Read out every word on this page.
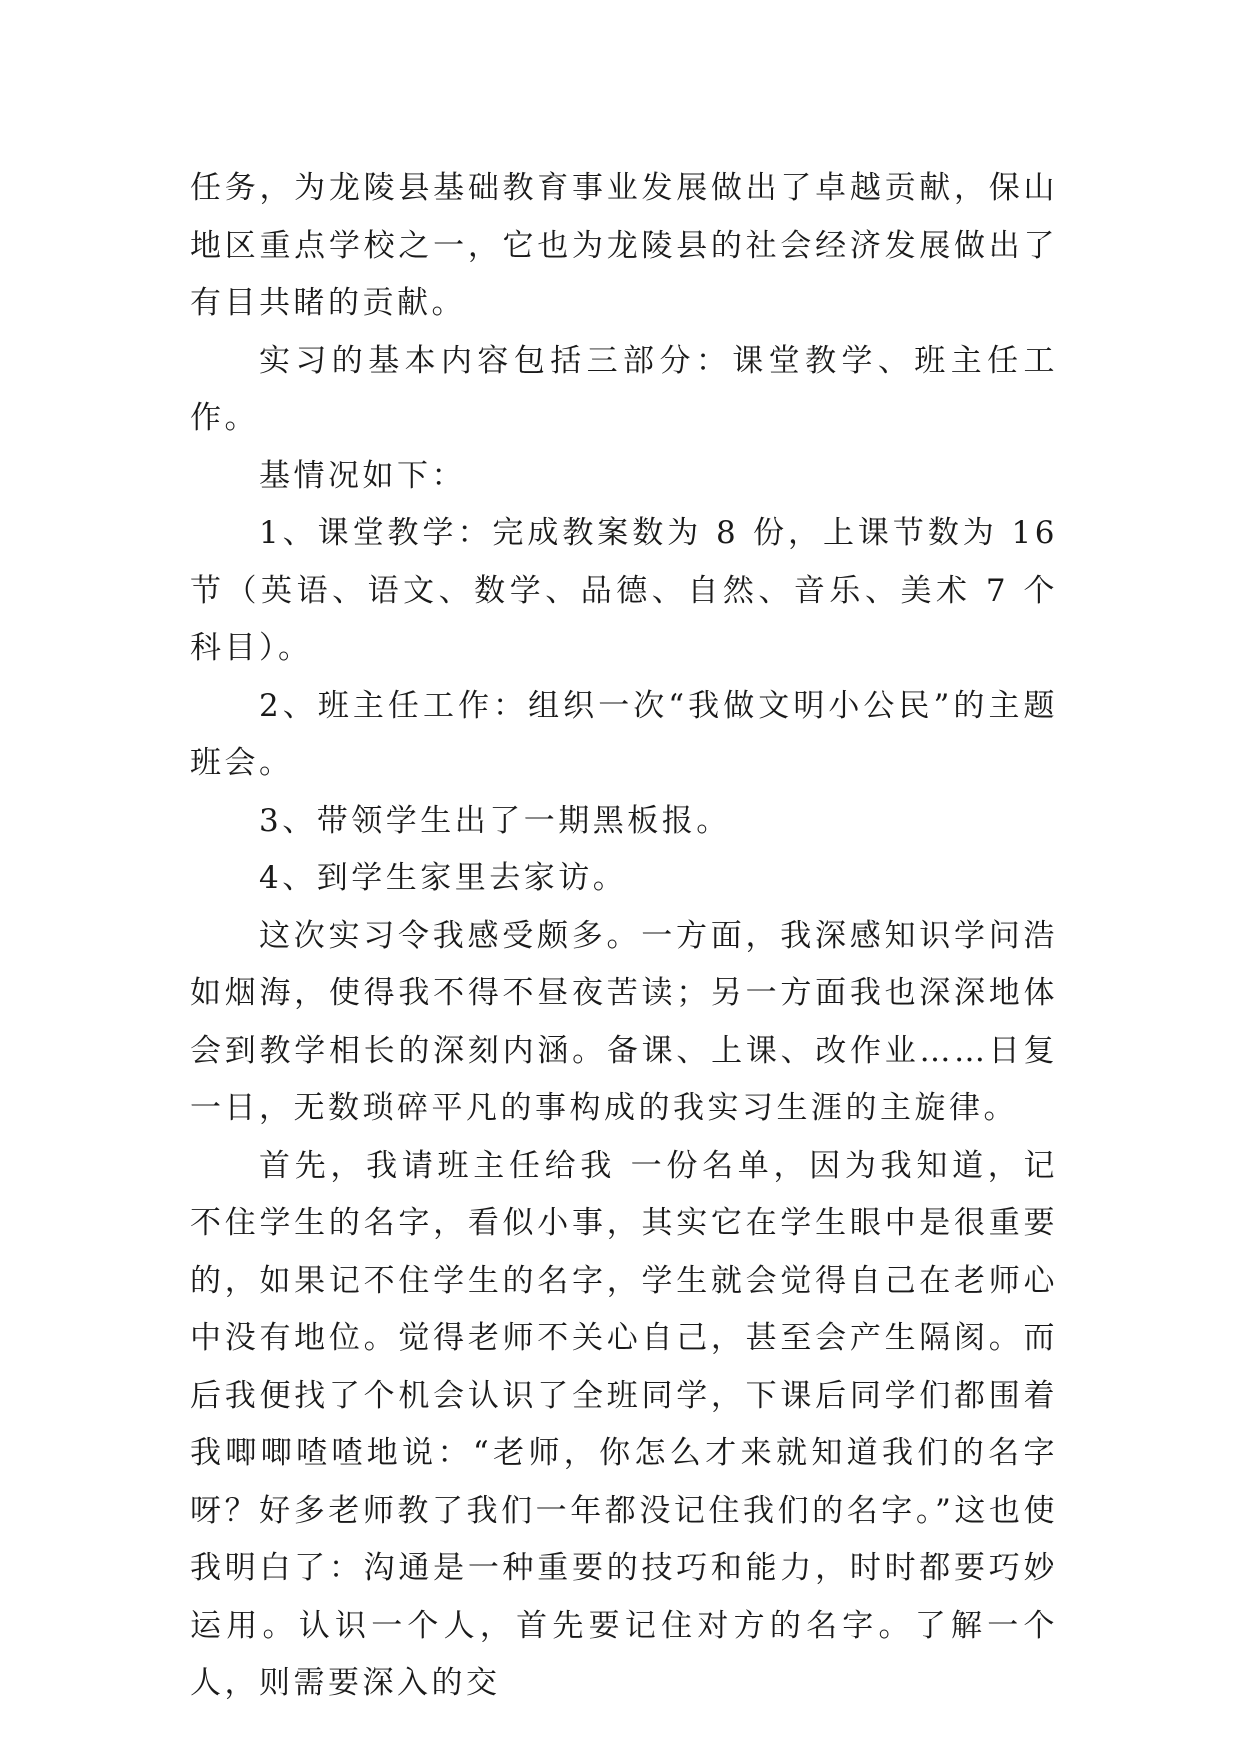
任务，为龙陵县基础教育事业发展做出了卓越贡献，保山地区重点学校之一，它也为龙陵县的社会经济发展做出了有目共睹的贡献。

实习的基本内容包括三部分：课堂教学、班主任工作。

基情况如下：

1、课堂教学：完成教案数为 8 份，上课节数为 16 节（英语、语文、数学、品德、自然、音乐、美术 7 个科目）。

2、班主任工作：组织一次“我做文明小公民”的主题班会。

3、带领学生出了一期黑板报。

4、到学生家里去家访。

这次实习令我感受颇多。一方面，我深感知识学问浩如烟海，使得我不得不昼夜苦读；另一方面我也深深地体会到教学相长的深刻内涵。备课、上课、改作业……日复一日，无数琐碎平凡的事构成的我实习生涯的主旋律。

首先，我请班主任给我 一份名单，因为我知道，记不住学生的名字，看似小事，其实它在学生眼中是很重要的，如果记不住学生的名字，学生就会觉得自己在老师心中没有地位。觉得老师不关心自己，甚至会产生隔阂。而后我便找了个机会认识了全班同学，下课后同学们都围着我唧唧喳喳地说：“老师，你怎么才来就知道我们的名字呀？好多老师教了我们一年都没记住我们的名字。”这也使我明白了：沟通是一种重要的技巧和能力，时时都要巧妙运用。认识一个人，首先要记住对方的名字。了解一个人，则需要深入的交
